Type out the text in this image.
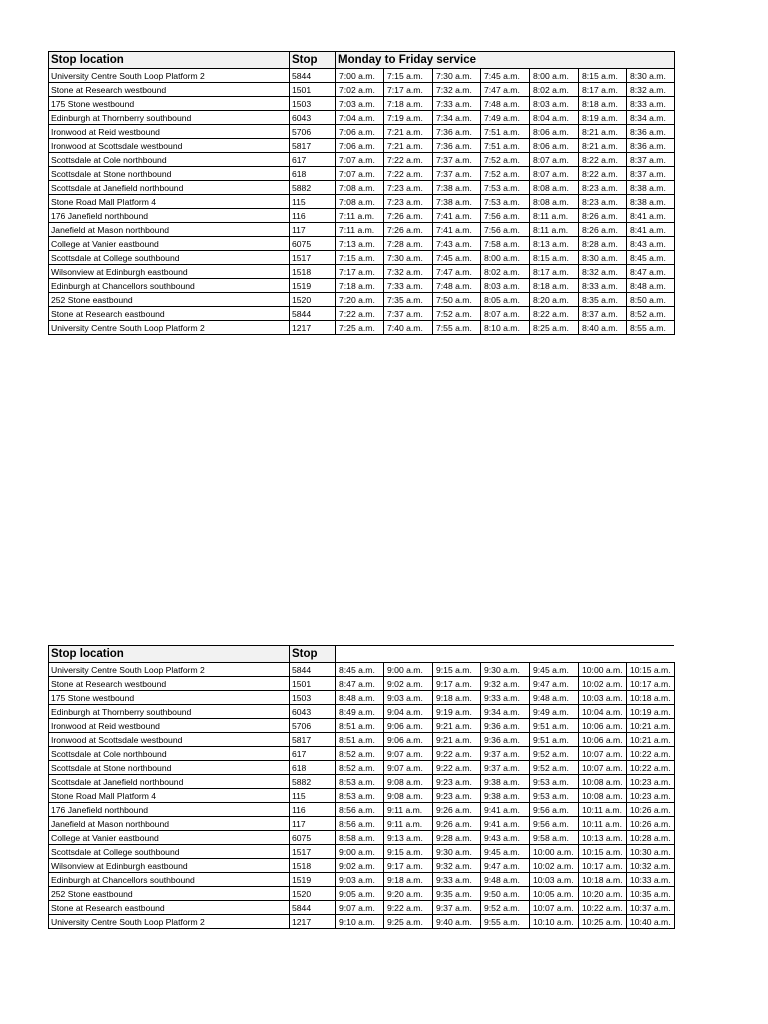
Stop location	Stop	Monday to Friday service						
University Centre South Loop Platform 2	5844	7:00 a.m.	7:15 a.m.	7:30 a.m.	7:45 a.m.	8:00 a.m.	8:15 a.m.	8:30 a.m.
Stone at Research westbound	1501	7:02 a.m.	7:17 a.m.	7:32 a.m.	7:47 a.m.	8:02 a.m.	8:17 a.m.	8:32 a.m.
175 Stone westbound	1503	7:03 a.m.	7:18 a.m.	7:33 a.m.	7:48 a.m.	8:03 a.m.	8:18 a.m.	8:33 a.m.
Edinburgh at Thornberry southbound	6043	7:04 a.m.	7:19 a.m.	7:34 a.m.	7:49 a.m.	8:04 a.m.	8:19 a.m.	8:34 a.m.
Ironwood at Reid westbound	5706	7:06 a.m.	7:21 a.m.	7:36 a.m.	7:51 a.m.	8:06 a.m.	8:21 a.m.	8:36 a.m.
Ironwood at Scottsdale westbound	5817	7:06 a.m.	7:21 a.m.	7:36 a.m.	7:51 a.m.	8:06 a.m.	8:21 a.m.	8:36 a.m.
Scottsdale at Cole northbound	617	7:07 a.m.	7:22 a.m.	7:37 a.m.	7:52 a.m.	8:07 a.m.	8:22 a.m.	8:37 a.m.
Scottsdale at Stone northbound	618	7:07 a.m.	7:22 a.m.	7:37 a.m.	7:52 a.m.	8:07 a.m.	8:22 a.m.	8:37 a.m.
Scottsdale at Janefield northbound	5882	7:08 a.m.	7:23 a.m.	7:38 a.m.	7:53 a.m.	8:08 a.m.	8:23 a.m.	8:38 a.m.
Stone Road Mall Platform 4	115	7:08 a.m.	7:23 a.m.	7:38 a.m.	7:53 a.m.	8:08 a.m.	8:23 a.m.	8:38 a.m.
176 Janefield northbound	116	7:11 a.m.	7:26 a.m.	7:41 a.m.	7:56 a.m.	8:11 a.m.	8:26 a.m.	8:41 a.m.
Janefield at Mason northbound	117	7:11 a.m.	7:26 a.m.	7:41 a.m.	7:56 a.m.	8:11 a.m.	8:26 a.m.	8:41 a.m.
College at Vanier eastbound	6075	7:13 a.m.	7:28 a.m.	7:43 a.m.	7:58 a.m.	8:13 a.m.	8:28 a.m.	8:43 a.m.
Scottsdale at College southbound	1517	7:15 a.m.	7:30 a.m.	7:45 a.m.	8:00 a.m.	8:15 a.m.	8:30 a.m.	8:45 a.m.
Wilsonview at Edinburgh eastbound	1518	7:17 a.m.	7:32 a.m.	7:47 a.m.	8:02 a.m.	8:17 a.m.	8:32 a.m.	8:47 a.m.
Edinburgh at Chancellors southbound	1519	7:18 a.m.	7:33 a.m.	7:48 a.m.	8:03 a.m.	8:18 a.m.	8:33 a.m.	8:48 a.m.
252 Stone eastbound	1520	7:20 a.m.	7:35 a.m.	7:50 a.m.	8:05 a.m.	8:20 a.m.	8:35 a.m.	8:50 a.m.
Stone at Research eastbound	5844	7:22 a.m.	7:37 a.m.	7:52 a.m.	8:07 a.m.	8:22 a.m.	8:37 a.m.	8:52 a.m.
University Centre South Loop Platform 2	1217	7:25 a.m.	7:40 a.m.	7:55 a.m.	8:10 a.m.	8:25 a.m.	8:40 a.m.	8:55 a.m.
Stop location	Stop							
University Centre South Loop Platform 2	5844	8:45 a.m.	9:00 a.m.	9:15 a.m.	9:30 a.m.	9:45 a.m.	10:00 a.m.	10:15 a.m.
Stone at Research westbound	1501	8:47 a.m.	9:02 a.m.	9:17 a.m.	9:32 a.m.	9:47 a.m.	10:02 a.m.	10:17 a.m.
175 Stone westbound	1503	8:48 a.m.	9:03 a.m.	9:18 a.m.	9:33 a.m.	9:48 a.m.	10:03 a.m.	10:18 a.m.
Edinburgh at Thornberry southbound	6043	8:49 a.m.	9:04 a.m.	9:19 a.m.	9:34 a.m.	9:49 a.m.	10:04 a.m.	10:19 a.m.
Ironwood at Reid westbound	5706	8:51 a.m.	9:06 a.m.	9:21 a.m.	9:36 a.m.	9:51 a.m.	10:06 a.m.	10:21 a.m.
Ironwood at Scottsdale westbound	5817	8:51 a.m.	9:06 a.m.	9:21 a.m.	9:36 a.m.	9:51 a.m.	10:06 a.m.	10:21 a.m.
Scottsdale at Cole northbound	617	8:52 a.m.	9:07 a.m.	9:22 a.m.	9:37 a.m.	9:52 a.m.	10:07 a.m.	10:22 a.m.
Scottsdale at Stone northbound	618	8:52 a.m.	9:07 a.m.	9:22 a.m.	9:37 a.m.	9:52 a.m.	10:07 a.m.	10:22 a.m.
Scottsdale at Janefield northbound	5882	8:53 a.m.	9:08 a.m.	9:23 a.m.	9:38 a.m.	9:53 a.m.	10:08 a.m.	10:23 a.m.
Stone Road Mall Platform 4	115	8:53 a.m.	9:08 a.m.	9:23 a.m.	9:38 a.m.	9:53 a.m.	10:08 a.m.	10:23 a.m.
176 Janefield northbound	116	8:56 a.m.	9:11 a.m.	9:26 a.m.	9:41 a.m.	9:56 a.m.	10:11 a.m.	10:26 a.m.
Janefield at Mason northbound	117	8:56 a.m.	9:11 a.m.	9:26 a.m.	9:41 a.m.	9:56 a.m.	10:11 a.m.	10:26 a.m.
College at Vanier eastbound	6075	8:58 a.m.	9:13 a.m.	9:28 a.m.	9:43 a.m.	9:58 a.m.	10:13 a.m.	10:28 a.m.
Scottsdale at College southbound	1517	9:00 a.m.	9:15 a.m.	9:30 a.m.	9:45 a.m.	10:00 a.m.	10:15 a.m.	10:30 a.m.
Wilsonview at Edinburgh eastbound	1518	9:02 a.m.	9:17 a.m.	9:32 a.m.	9:47 a.m.	10:02 a.m.	10:17 a.m.	10:32 a.m.
Edinburgh at Chancellors southbound	1519	9:03 a.m.	9:18 a.m.	9:33 a.m.	9:48 a.m.	10:03 a.m.	10:18 a.m.	10:33 a.m.
252 Stone eastbound	1520	9:05 a.m.	9:20 a.m.	9:35 a.m.	9:50 a.m.	10:05 a.m.	10:20 a.m.	10:35 a.m.
Stone at Research eastbound	5844	9:07 a.m.	9:22 a.m.	9:37 a.m.	9:52 a.m.	10:07 a.m.	10:22 a.m.	10:37 a.m.
University Centre South Loop Platform 2	1217	9:10 a.m.	9:25 a.m.	9:40 a.m.	9:55 a.m.	10:10 a.m.	10:25 a.m.	10:40 a.m.
